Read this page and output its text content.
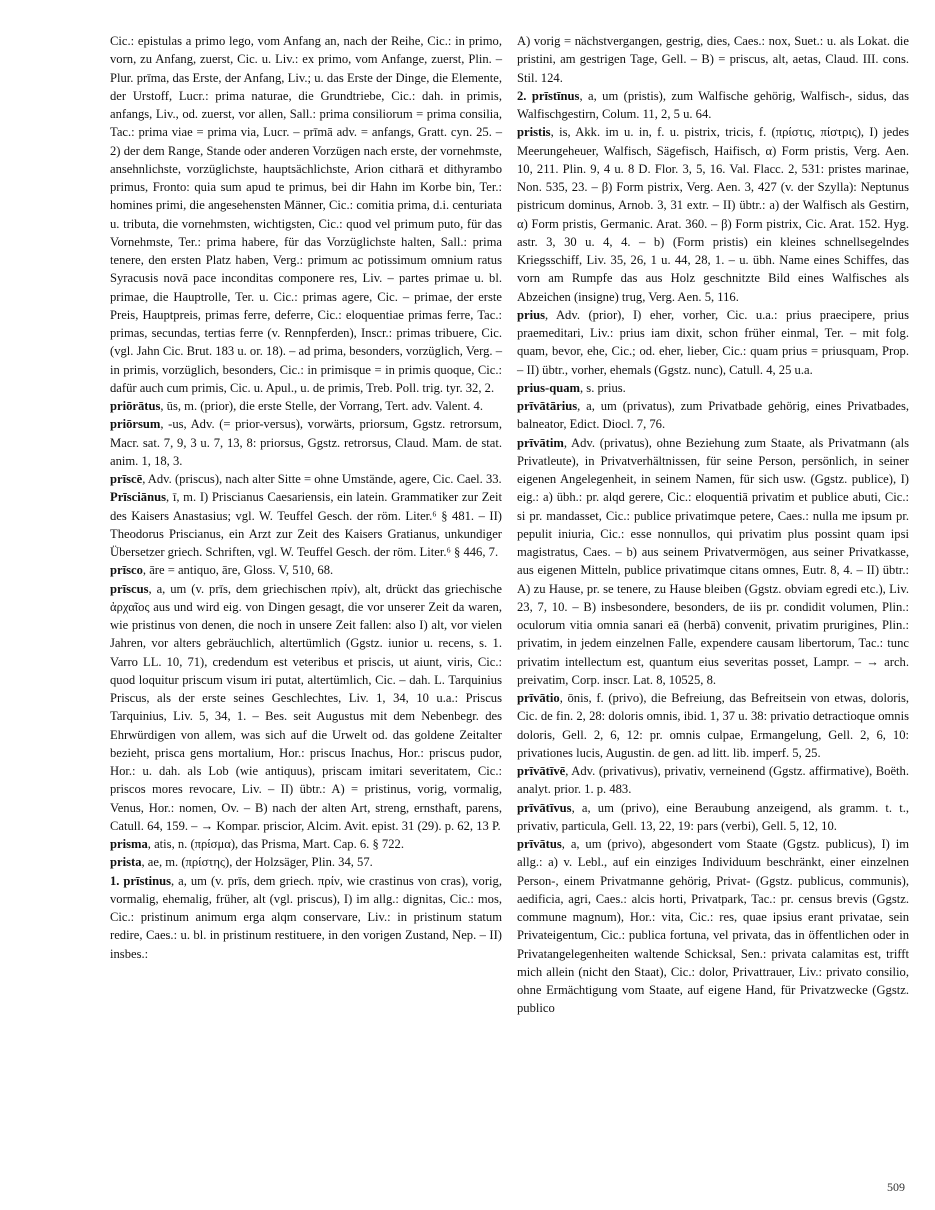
Cic.: epistulas a primo lego, vom Anfang an, nach der Reihe, Cic.: in primo, vorn, zu Anfang, zuerst, Cic. u. Liv.: ex primo, vom Anfange, zuerst, Plin. – Plur. prīma, das Erste, der Anfang, Liv.; u. das Erste der Dinge, die Elemente, der Urstoff, Lucr.: prima naturae, die Grundtriebe, Cic.: dah. in primis, anfangs, Liv., od. zuerst, vor allen, Sall.: prima consiliorum = prima consilia, Tac.: prima viae = prima via, Lucr. – prīmā adv. = anfangs, Gratt. cyn. 25. – 2) der dem Range, Stande oder anderen Vorzügen nach erste, der vornehmste, ansehnlichste, vorzüglichste, hauptsächlichste, Arion citharā et dithyrambo primus, Fronto: quia sum apud te primus, bei dir Hahn im Korbe bin, Ter.: homines primi, die angesehensten Männer, Cic.: comitia prima, d.i. centuriata u. tributa, die vornehmsten, wichtigsten, Cic.: quod vel primum puto, für das Vornehmste, Ter.: prima habere, für das Vorzüglichste halten, Sall.: prima tenere, den ersten Platz haben, Verg.: primum ac potissimum omnium ratus Syracusis novā pace inconditas componere res, Liv. – partes primae u. bl. primae, die Hauptrolle, Ter. u. Cic.: primas agere, Cic. – primae, der erste Preis, Hauptpreis, primas ferre, deferre, Cic.: eloquentiae primas ferre, Tac.: primas, secundas, tertias ferre (v. Rennpferden), Inscr.: primas tribuere, Cic. (vgl. Jahn Cic. Brut. 183 u. or. 18). – ad prima, besonders, vorzüglich, Verg. – in primis, vorzüglich, besonders, Cic.: in primisque = in primis quoque, Cic.: dafür auch cum primis, Cic. u. Apul., u. de primis, Treb. Poll. trig. tyr. 32, 2.

priōrātus, ūs, m. (prior), die erste Stelle, der Vorrang, Tert. adv. Valent. 4.

priōrsum, -us, Adv. (= prior-versus), vorwärts, priorsum, Ggstz. retrorsum, Macr. sat. 7, 9, 3 u. 7, 13, 8: priorsus, Ggstz. retrorsus, Claud. Mam. de stat. anim. 1, 18, 3.

prīscē, Adv. (priscus), nach alter Sitte = ohne Umstände, agere, Cic. Cael. 33.

Prīsciānus, ī, m. I) Priscianus Caesariensis, ein latein. Grammatiker zur Zeit des Kaisers Anastasius; vgl. W. Teuffel Gesch. der röm. Liter.⁶ § 481. – II) Theodorus Priscianus, ein Arzt zur Zeit des Kaisers Gratianus, unkundiger Übersetzer griech. Schriften, vgl. W. Teuffel Gesch. der röm. Liter.⁶ § 446, 7.

prīsco, āre = antiquo, āre, Gloss. V, 510, 68.

prīscus, a, um (v. prīs, dem griechischen πρίν), alt, drückt das griechische ἀρχαῖος aus und wird eig. von Dingen gesagt, die vor unserer Zeit da waren, wie pristinus von denen, die noch in unsere Zeit fallen: also I) alt, vor vielen Jahren, vor alters gebräuchlich, altertümlich (Ggstz. iunior u. recens, s. 1. Varro LL. 10, 71), credendum est veteribus et priscis, ut aiunt, viris, Cic.: quod loquitur priscum visum iri putat, altertümlich, Cic. – dah. L. Tarquinius Priscus, als der erste seines Geschlechtes, Liv. 1, 34, 10 u.a.: Priscus Tarquinius, Liv. 5, 34, 1. – Bes. seit Augustus mit dem Nebenbegr. des Ehrwürdigen von allem, was sich auf die Urwelt od. das goldene Zeitalter bezieht, prisca gens mortalium, Hor.: priscus Inachus, Hor.: priscus pudor, Hor.: u. dah. als Lob (wie antiquus), priscam imitari severitatem, Cic.: priscos mores revocare, Liv. – II) übtr.: A) = pristinus, vorig, vormalig, Venus, Hor.: nomen, Ov. – B) nach der alten Art, streng, ernsthaft, parens, Catull. 64, 159. – → Kompar. priscior, Alcim. Avit. epist. 31 (29). p. 62, 13 P.

prisma, atis, n. (πρίσμα), das Prisma, Mart. Cap. 6. § 722.

prista, ae, m. (πρίστης), der Holzsäger, Plin. 34, 57.

1. prīstinus, a, um (v. prīs, dem griech. πρίν, wie crastinus von cras), vorig, vormalig, ehemalig, früher, alt (vgl. priscus), I) im allg.: dignitas, Cic.: mos, Cic.: pristinum animum erga alqm conservare, Liv.: in pristinum statum redire, Caes.: u. bl. in pristinum restituere, in den vorigen Zustand, Nep. – II) insbes.:

A) vorig = nächstvergangen, gestrig, dies, Caes.: nox, Suet.: u. als Lokat. die pristini, am gestrigen Tage, Gell. – B) = priscus, alt, aetas, Claud. III. cons. Stil. 124.

2. prīstīnus, a, um (pristis), zum Walfische gehörig, Walfisch-, sidus, das Walfischgestirn, Colum. 11, 2, 5 u. 64.

pristis, is, Akk. im u. in, f. u. pistrix, tricis, f. (πρίστις, πίστρις), I) jedes Meerungeheuer, Walfisch, Sägefisch, Haifisch, α) Form pristis, Verg. Aen. 10, 211. Plin. 9, 4 u. 8 D. Flor. 3, 5, 16. Val. Flacc. 2, 531: pristes marinae, Non. 535, 23. – β) Form pistrix, Verg. Aen. 3, 427 (v. der Szylla): Neptunus pistricum dominus, Arnob. 3, 31 extr. – II) übtr.: a) der Walfisch als Gestirn, α) Form pristis, Germanic. Arat. 360. – β) Form pistrix, Cic. Arat. 152. Hyg. astr. 3, 30 u. 4, 4. – b) (Form pristis) ein kleines schnellsegelndes Kriegsschiff, Liv. 35, 26, 1 u. 44, 28, 1. – u. übh. Name eines Schiffes, das vorn am Rumpfe das aus Holz geschnitzte Bild eines Walfisches als Abzeichen (insigne) trug, Verg. Aen. 5, 116.

prius, Adv. (prior), I) eher, vorher, Cic. u.a.: prius praecipere, prius praemeditari, Liv.: prius iam dixit, schon früher einmal, Ter. – mit folg. quam, bevor, ehe, Cic.; od. eher, lieber, Cic.: quam prius = priusquam, Prop. – II) übtr., vorher, ehemals (Ggstz. nunc), Catull. 4, 25 u.a.

prius-quam, s. prius.

prīvātārius, a, um (privatus), zum Privatbade gehörig, eines Privatbades, balneator, Edict. Diocl. 7, 76.

prīvātim, Adv. (privatus), ohne Beziehung zum Staate, als Privatmann (als Privatleute), in Privatverhältnissen, für seine Person, persönlich, in seiner eigenen Angelegenheit, in seinem Namen, für sich usw. (Ggstz. publice), I) eig.: a) übh.: pr. alqd gerere, Cic.: eloquentiā privatim et publice abuti, Cic.: si pr. mandasset, Cic.: publice privatimque petere, Caes.: nulla me ipsum pr. pepulit iniuria, Cic.: esse nonnullos, qui privatim plus possint quam ipsi magistratus, Caes. – b) aus seinem Privatvermögen, aus seiner Privatkasse, aus eigenen Mitteln, publice privatimque citans omnes, Eutr. 8, 4. – II) übtr.: A) zu Hause, pr. se tenere, zu Hause bleiben (Ggstz. obviam egredi etc.), Liv. 23, 7, 10. – B) insbesondere, besonders, de iis pr. condidit volumen, Plin.: oculorum vitia omnia sanari eā (herbā) convenit, privatim prurigines, Plin.: privatim, in jedem einzelnen Falle, expendere causam libertorum, Tac.: tunc privatim intellectum est, quantum eius severitas posset, Lampr. – → arch. preivatim, Corp. inscr. Lat. 8, 10525, 8.

prīvātio, ōnis, f. (privo), die Befreiung, das Befreitsein von etwas, doloris, Cic. de fin. 2, 28: doloris omnis, ibid. 1, 37 u. 38: privatio detractioque omnis doloris, Gell. 2, 6, 12: pr. omnis culpae, Ermangelung, Gell. 2, 6, 10: privationes lucis, Augustin. de gen. ad litt. lib. imperf. 5, 25.

prīvātīvē, Adv. (privativus), privativ, verneinend (Ggstz. affirmative), Boëth. analyt. prior. 1. p. 483.

prīvātīvus, a, um (privo), eine Beraubung anzeigend, als gramm. t. t., privativ, particula, Gell. 13, 22, 19: pars (verbi), Gell. 5, 12, 10.

prīvātus, a, um (privo), abgesondert vom Staate (Ggstz. publicus), I) im allg.: a) v. Lebl., auf ein einziges Individuum beschränkt, einer einzelnen Person-, einem Privatmanne gehörig, Privat- (Ggstz. publicus, communis), aedificia, agri, Caes.: alcis horti, Privatpark, Tac.: pr. census brevis (Ggstz. commune magnum), Hor.: vita, Cic.: res, quae ipsius erant privatae, sein Privateigentum, Cic.: publica fortuna, vel privata, das in öffentlichen oder in Privatangelegenheiten waltende Schicksal, Sen.: privata calamitas est, trifft mich allein (nicht den Staat), Cic.: dolor, Privattrauer, Liv.: privato consilio, ohne Ermächtigung vom Staate, auf eigene Hand, für Privatzwecke (Ggstz. publico

509
